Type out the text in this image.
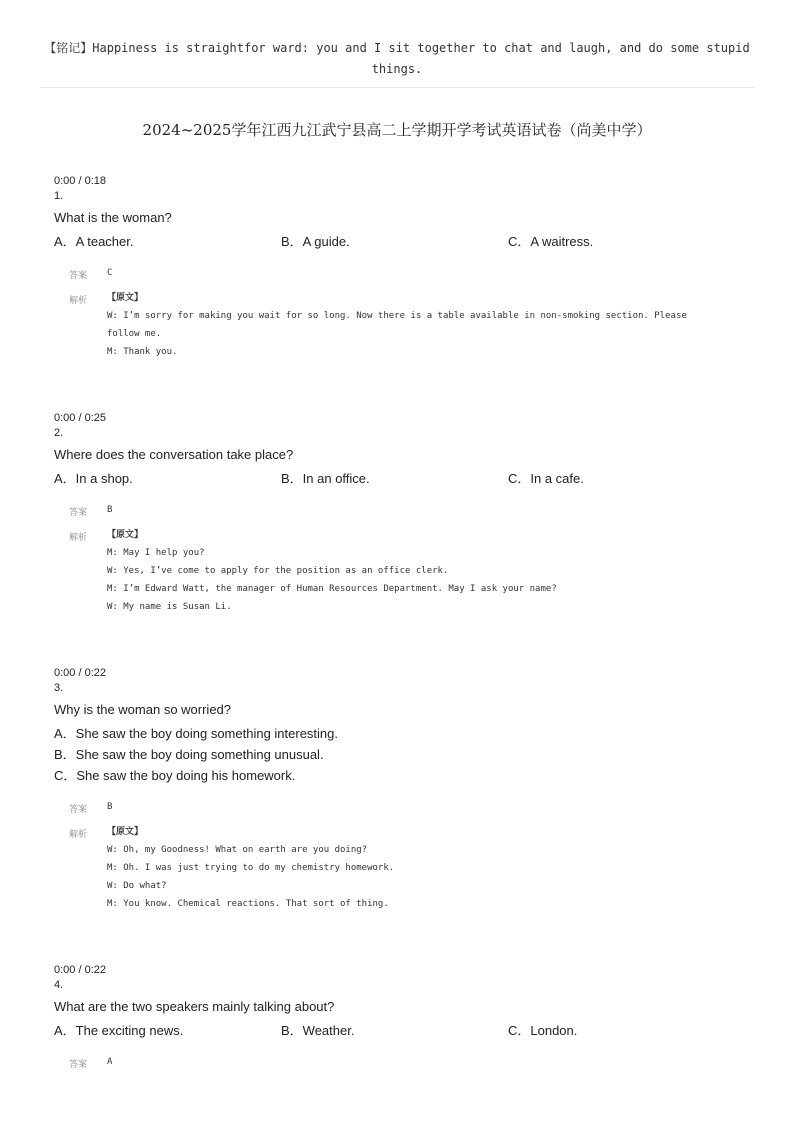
【铭记】Happiness is straightfor ward: you and I sit together to chat and laugh, and do some stupid things.
2024~2025学年江西九江武宁县高二上学期开学考试英语试卷（尚美中学）
0:00 / 0:18
1.
What is the woman?
A．A teacher.	B．A guide.	C．A waitress.
答案 C
解析 【原文】
W: I’m sorry for making you wait for so long. Now there is a table available in non-smoking section. Please follow me.
M: Thank you.
0:00 / 0:25
2.
Where does the conversation take place?
A．In a shop.	B．In an office.	C．In a cafe.
答案 B
解析 【原文】
M: May I help you?
W: Yes, I’ve come to apply for the position as an office clerk.
M: I’m Edward Watt, the manager of Human Resources Department. May I ask your name?
W: My name is Susan Li.
0:00 / 0:22
3.
Why is the woman so worried?
A．She saw the boy doing something interesting.
B．She saw the boy doing something unusual.
C．She saw the boy doing his homework.
答案 B
解析 【原文】
W: Oh, my Goodness! What on earth are you doing?
M: Oh. I was just trying to do my chemistry homework.
W: Do what?
M: You know. Chemical reactions. That sort of thing.
0:00 / 0:22
4.
What are the two speakers mainly talking about?
A．The exciting news.	B．Weather.	C．London.
答案 A
